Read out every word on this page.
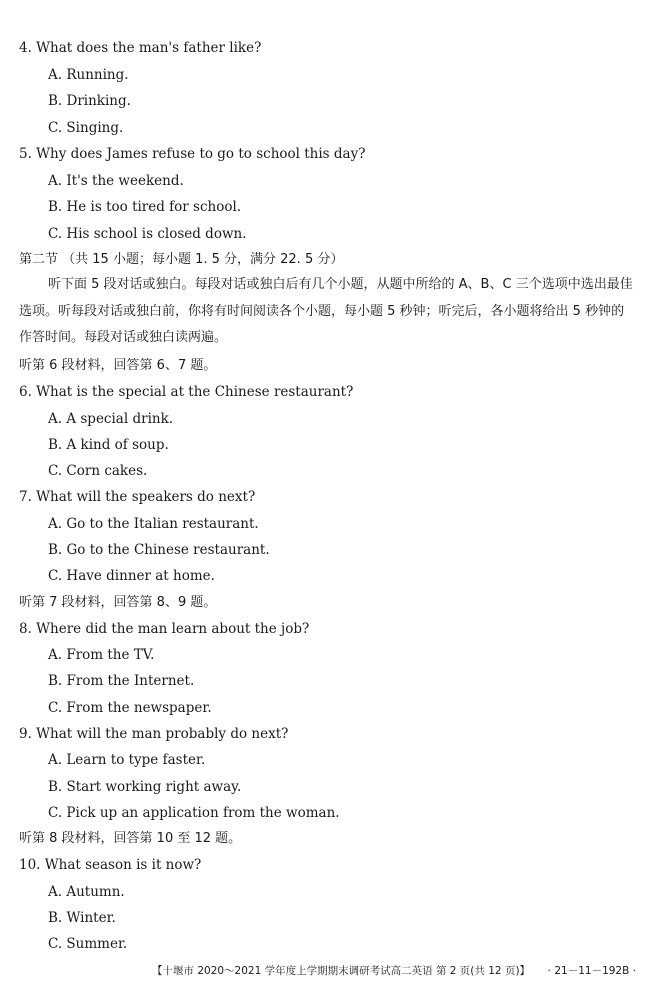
4. What does the man's father like?
A. Running.
B. Drinking.
C. Singing.
5. Why does James refuse to go to school this day?
A. It's the weekend.
B. He is too tired for school.
C. His school is closed down.
第二节 （共 15 小题；每小题 1. 5 分，满分 22. 5 分）
听下面 5 段对话或独白。每段对话或独白后有几个小题，从题中所给的 A、B、C 三个选项中选出最佳选项。听每段对话或独白前，你将有时间阅读各个小题，每小题 5 秒钟；听完后，各小题将给出 5 秒钟的作答时间。每段对话或独白读两遍。
听第 6 段材料，回答第 6、7 题。
6. What is the special at the Chinese restaurant?
A. A special drink.
B. A kind of soup.
C. Corn cakes.
7. What will the speakers do next?
A. Go to the Italian restaurant.
B. Go to the Chinese restaurant.
C. Have dinner at home.
听第 7 段材料，回答第 8、9 题。
8. Where did the man learn about the job?
A. From the TV.
B. From the Internet.
C. From the newspaper.
9. What will the man probably do next?
A. Learn to type faster.
B. Start working right away.
C. Pick up an application from the woman.
听第 8 段材料，回答第 10 至 12 题。
10. What season is it now?
A. Autumn.
B. Winter.
C. Summer.
【十堰市 2020～2021 学年度上学期期末调研考试高二英语 第 2 页(共 12 页)】 · 21－11－192B ·
